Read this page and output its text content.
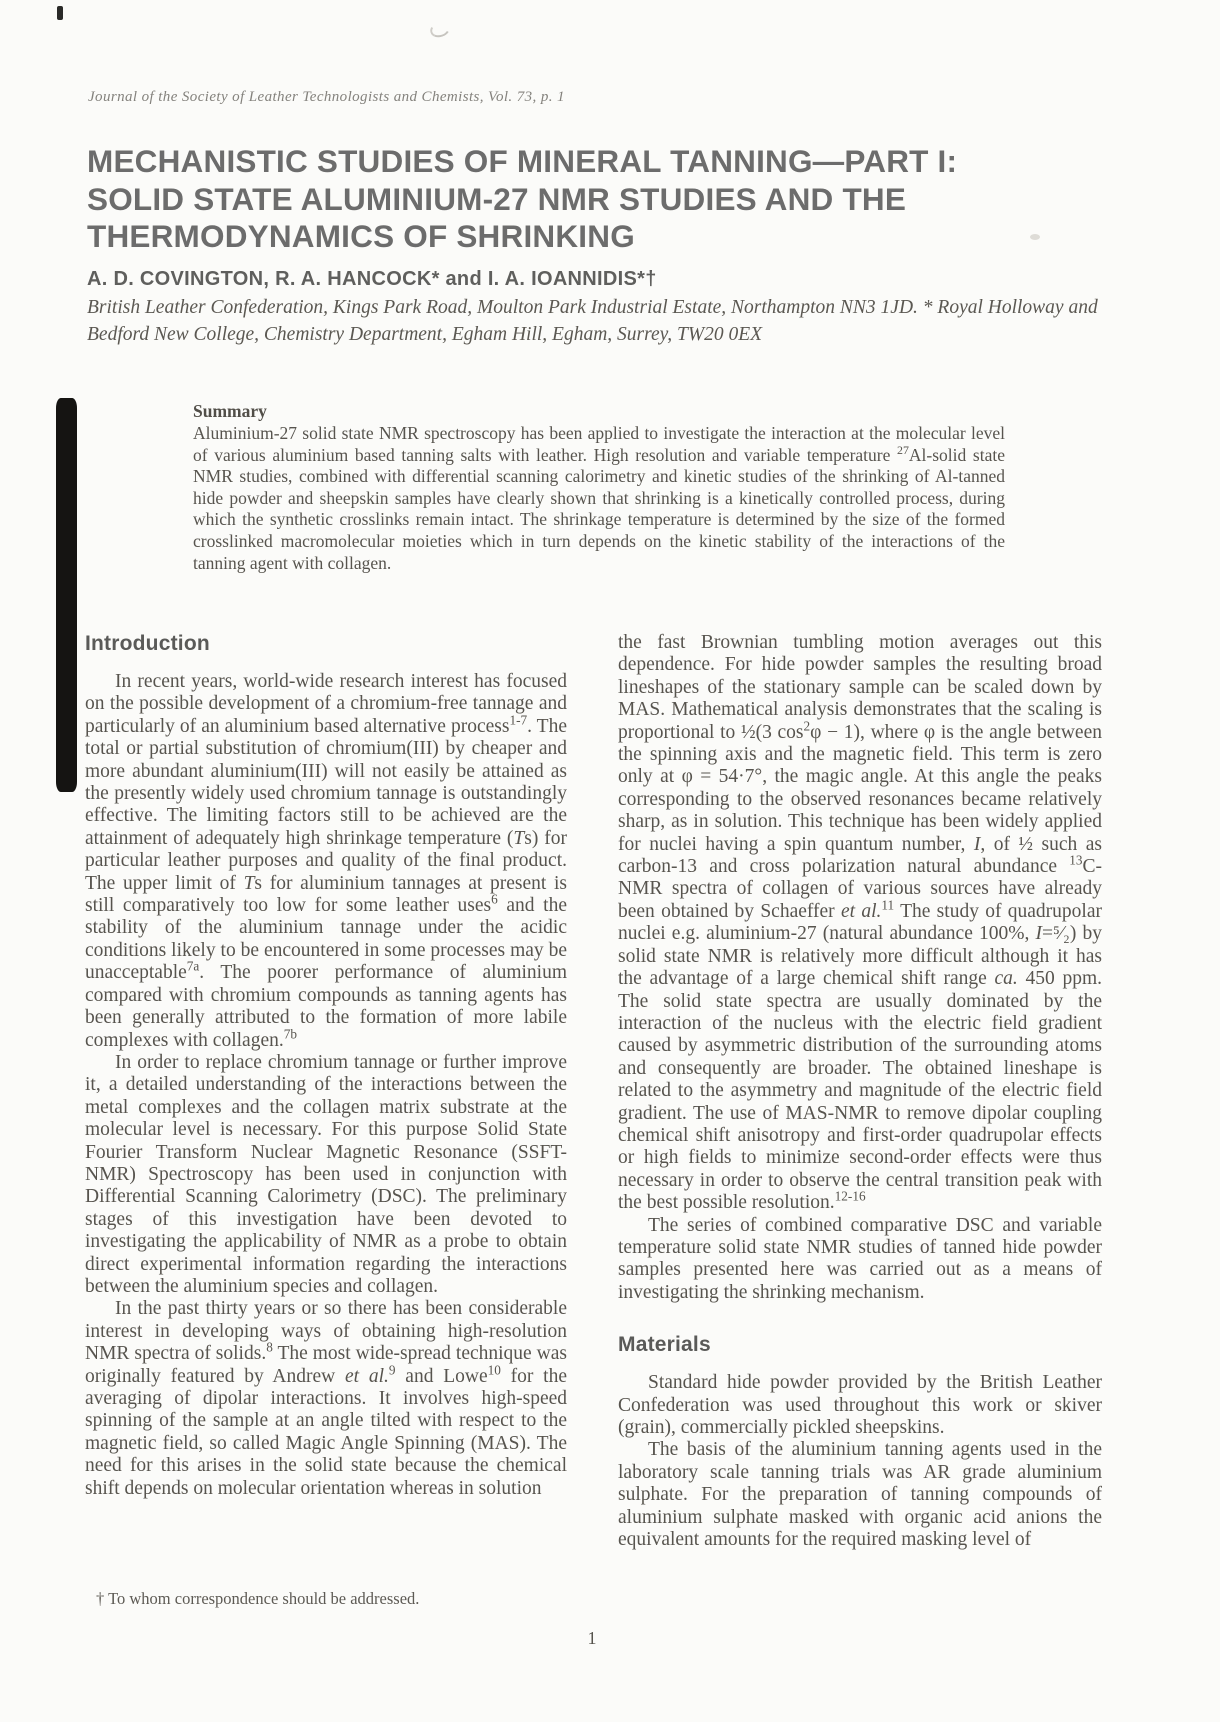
Journal of the Society of Leather Technologists and Chemists, Vol. 73, p. 1
MECHANISTIC STUDIES OF MINERAL TANNING—PART I:
SOLID STATE ALUMINIUM-27 NMR STUDIES AND THE
THERMODYNAMICS OF SHRINKING
A. D. COVINGTON, R. A. HANCOCK* and I. A. IOANNIDIS*†
British Leather Confederation, Kings Park Road, Moulton Park Industrial Estate, Northampton NN3 1JD. * Royal Holloway and Bedford New College, Chemistry Department, Egham Hill, Egham, Surrey, TW20 0EX
Summary

Aluminium-27 solid state NMR spectroscopy has been applied to investigate the interaction at the molecular level of various aluminium based tanning salts with leather. High resolution and variable temperature $^{27}$Al-solid state NMR studies, combined with differential scanning calorimetry and kinetic studies of the shrinking of Al-tanned hide powder and sheepskin samples have clearly shown that shrinking is a kinetically controlled process, during which the synthetic crosslinks remain intact. The shrinkage temperature is determined by the size of the formed crosslinked macromolecular moieties which in turn depends on the kinetic stability of the interactions of the tanning agent with collagen.

Introduction

In recent years, world-wide research interest has focused on the possible development of a chromium-free tannage and particularly of an aluminium based alternative process$^{1-7}$. The total or partial substitution of chromium(III) by cheaper and more abundant aluminium(III) will not easily be attained as the presently widely used chromium tannage is outstandingly effective. The limiting factors still to be achieved are the attainment of adequately high shrinkage temperature (Ts) for particular leather purposes and quality of the final product. The upper limit of Ts for aluminium tannages at present is still comparatively too low for some leather uses$^6$ and the stability of the aluminium tannage under the acidic conditions likely to be encountered in some processes may be unacceptable$^{7a}$. The poorer performance of aluminium compared with chromium compounds as tanning agents has been generally attributed to the formation of more labile complexes with collagen.$^{7b}$

In order to replace chromium tannage or further improve it, a detailed understanding of the interactions between the metal complexes and the collagen matrix substrate at the molecular level is necessary. For this purpose Solid State Fourier Transform Nuclear Magnetic Resonance (SSFT-NMR) Spectroscopy has been used in conjunction with Differential Scanning Calorimetry (DSC). The preliminary stages of this investigation have been devoted to investigating the applicability of NMR as a probe to obtain direct experimental information regarding the interactions between the aluminium species and collagen.

In the past thirty years or so there has been considerable interest in developing ways of obtaining high-resolution NMR spectra of solids.$^8$ The most wide-spread technique was originally featured by Andrew et al.$^9$ and Lowe$^{10}$ for the averaging of dipolar interactions. It involves high-speed spinning of the sample at an angle tilted with respect to the magnetic field, so called Magic Angle Spinning (MAS). The need for this arises in the solid state because the chemical shift depends on molecular orientation whereas in solution

the fast Brownian tumbling motion averages out this dependence. For hide powder samples the resulting broad lineshapes of the stationary sample can be scaled down by MAS. Mathematical analysis demonstrates that the scaling is proportional to ½(3 $\cos^2\varphi - 1$), where φ is the angle between the spinning axis and the magnetic field. This term is zero only at φ = 54·7°, the magic angle. At this angle the peaks corresponding to the observed resonances became relatively sharp, as in solution. This technique has been widely applied for nuclei having a spin quantum number, I, of ½ such as carbon-13 and cross polarization natural abundance $^{13}$C-NMR spectra of collagen of various sources have already been obtained by Schaeffer et al.$^{11}$ The study of quadrupolar nuclei e.g. aluminium-27 (natural abundance 100%, I=⁵⁄₂) by solid state NMR is relatively more difficult although it has the advantage of a large chemical shift range ca. 450 ppm. The solid state spectra are usually dominated by the interaction of the nucleus with the electric field gradient caused by asymmetric distribution of the surrounding atoms and consequently are broader. The obtained lineshape is related to the asymmetry and magnitude of the electric field gradient. The use of MAS-NMR to remove dipolar coupling chemical shift anisotropy and first-order quadrupolar effects or high fields to minimize second-order effects were thus necessary in order to observe the central transition peak with the best possible resolution.$^{12-16}$

The series of combined comparative DSC and variable temperature solid state NMR studies of tanned hide powder samples presented here was carried out as a means of investigating the shrinking mechanism.

Materials

Standard hide powder provided by the British Leather Confederation was used throughout this work or skiver (grain), commercially pickled sheepskins.

The basis of the aluminium tanning agents used in the laboratory scale tanning trials was AR grade aluminium sulphate. For the preparation of tanning compounds of aluminium sulphate masked with organic acid anions the equivalent amounts for the required masking level of

† To whom correspondence should be addressed.
1
